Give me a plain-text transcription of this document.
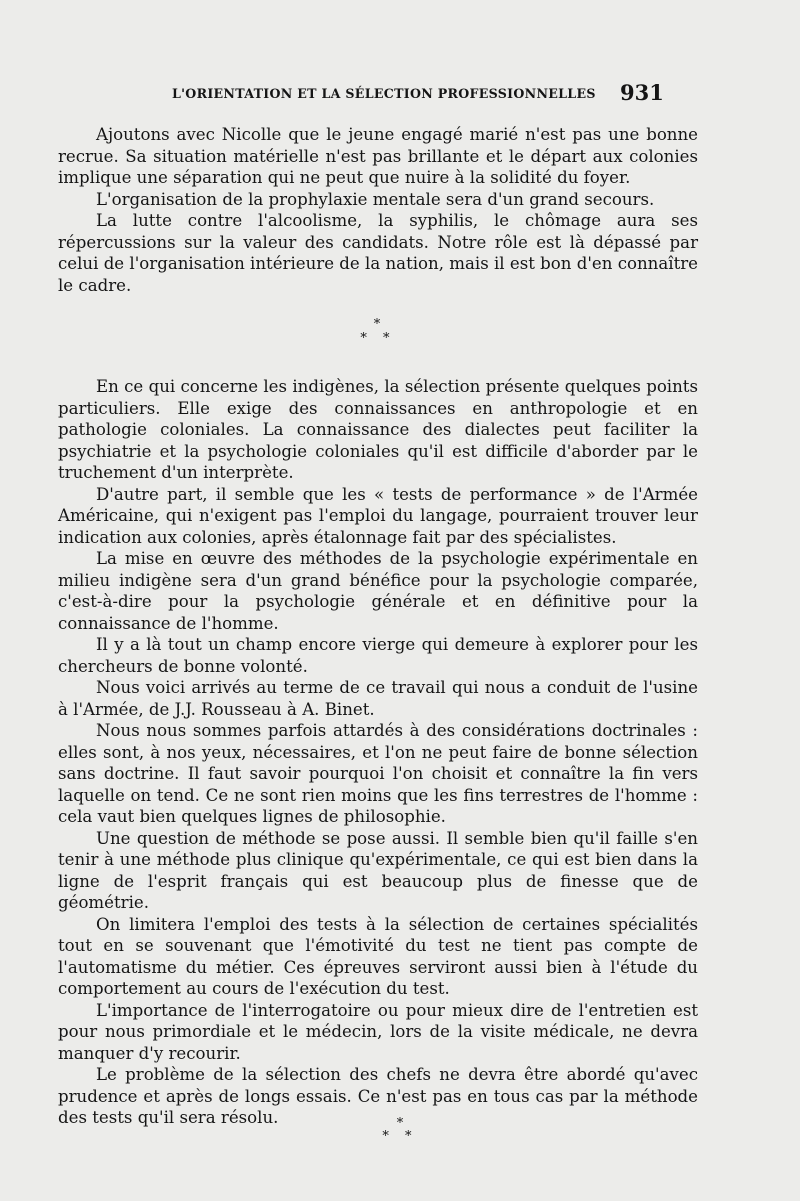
L'ORIENTATION ET LA SÉLECTION PROFESSIONNELLES 931

Ajoutons avec Nicolle que le jeune engagé marié n'est pas une bonne recrue. Sa situation matérielle n'est pas brillante et le départ aux colonies implique une séparation qui ne peut que nuire à la solidité du foyer.

L'organisation de la prophylaxie mentale sera d'un grand secours.

La lutte contre l'alcoolisme, la syphilis, le chômage aura ses répercussions sur la valeur des candidats. Notre rôle est là dépassé par celui de l'organisation intérieure de la nation, mais il est bon d'en connaître le cadre.

*
* *

En ce qui concerne les indigènes, la sélection présente quelques points particuliers. Elle exige des connaissances en anthropologie et en pathologie coloniales. La connaissance des dialectes peut faciliter la psychiatrie et la psychologie coloniales qu'il est difficile d'aborder par le truchement d'un interprète.

D'autre part, il semble que les « tests de performance » de l'Armée Américaine, qui n'exigent pas l'emploi du langage, pourraient trouver leur indication aux colonies, après étalonnage fait par des spécialistes.

La mise en œuvre des méthodes de la psychologie expérimentale en milieu indigène sera d'un grand bénéfice pour la psychologie comparée, c'est-à-dire pour la psychologie générale et en définitive pour la connaissance de l'homme.

Il y a là tout un champ encore vierge qui demeure à explorer pour les chercheurs de bonne volonté.

Nous voici arrivés au terme de ce travail qui nous a conduit de l'usine à l'Armée, de J.J. Rousseau à A. Binet.

Nous nous sommes parfois attardés à des considérations doctrinales : elles sont, à nos yeux, nécessaires, et l'on ne peut faire de bonne sélection sans doctrine. Il faut savoir pourquoi l'on choisit et connaître la fin vers laquelle on tend. Ce ne sont rien moins que les fins terrestres de l'homme : cela vaut bien quelques lignes de philosophie.

Une question de méthode se pose aussi. Il semble bien qu'il faille s'en tenir à une méthode plus clinique qu'expérimentale, ce qui est bien dans la ligne de l'esprit français qui est beaucoup plus de finesse que de géométrie.

On limitera l'emploi des tests à la sélection de certaines spécialités tout en se souvenant que l'émotivité du test ne tient pas compte de l'automatisme du métier. Ces épreuves serviront aussi bien à l'étude du comportement au cours de l'exécution du test.

L'importance de l'interrogatoire ou pour mieux dire de l'entretien est pour nous primordiale et le médecin, lors de la visite médicale, ne devra manquer d'y recourir.

Le problème de la sélection des chefs ne devra être abordé qu'avec prudence et après de longs essais. Ce n'est pas en tous cas par la méthode des tests qu'il sera résolu.	*
* *
